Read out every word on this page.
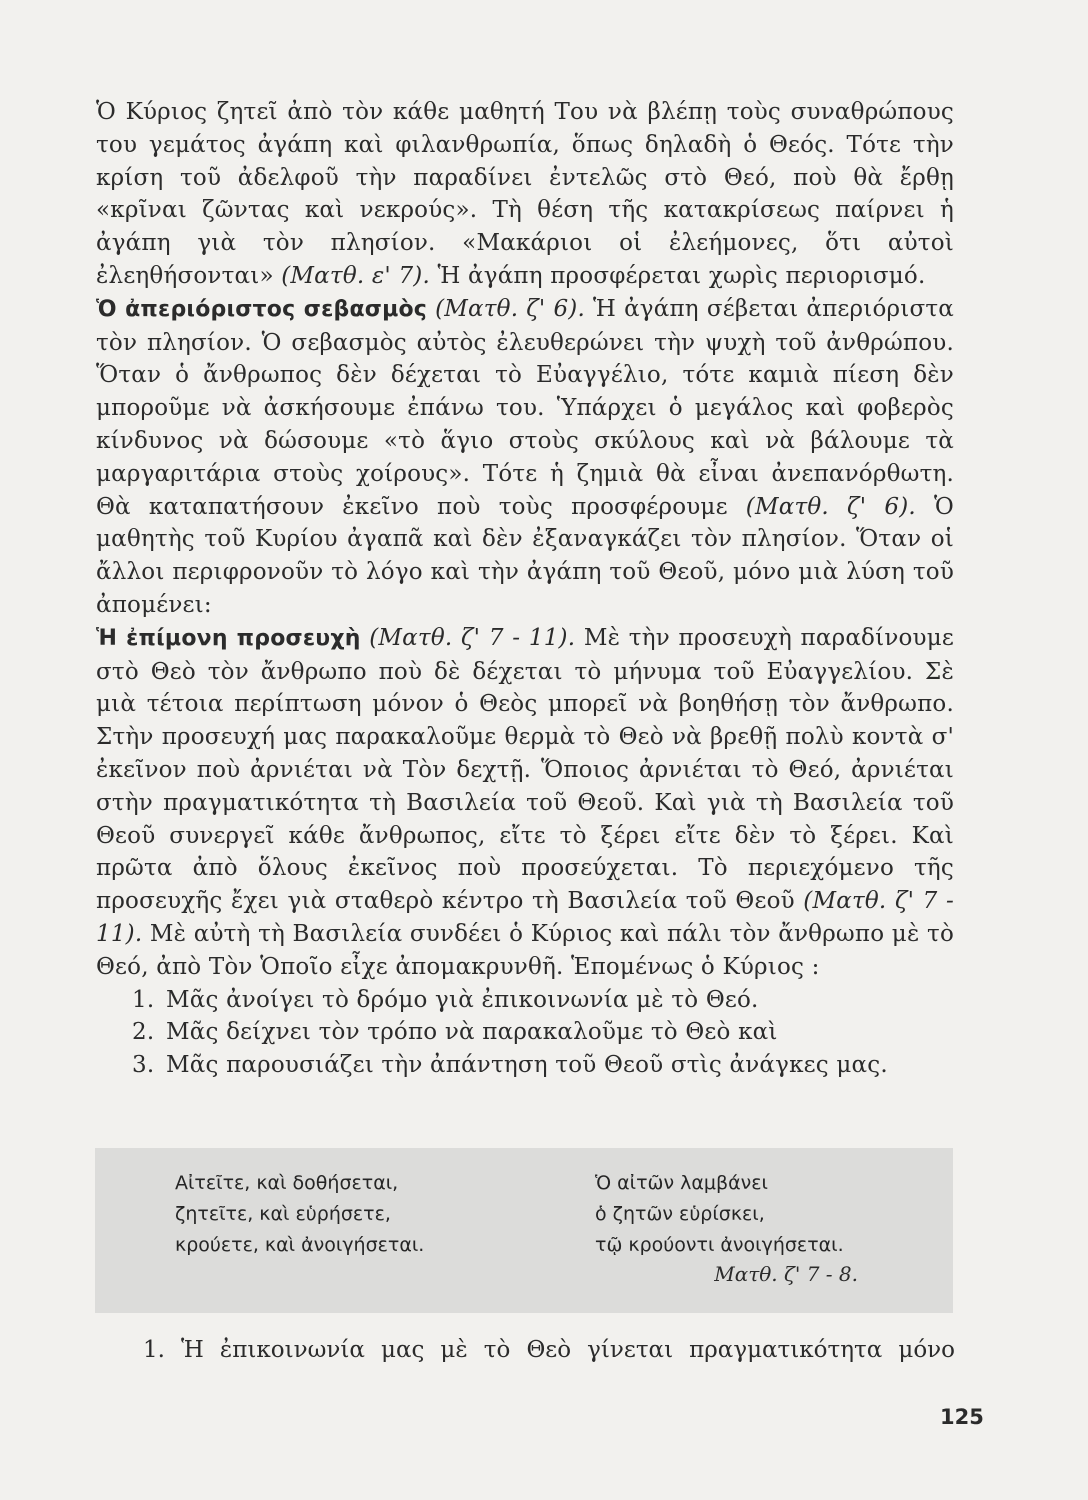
Ὁ Κύριος ζητεῖ ἀπὸ τὸν κάθε μαθητή Του νὰ βλέπῃ τοὺς συναθρώπους του γεμάτος ἀγάπη καὶ φιλανθρωπία, ὅπως δηλαδὴ ὁ Θεός. Τότε τὴν κρίση τοῦ ἀδελφοῦ τὴν παραδίνει ἐντελῶς στὸ Θεό, ποὺ θὰ ἔρθῃ «κρῖναι ζῶντας καὶ νεκρούς». Τὴ θέση τῆς κατακρίσεως παίρνει ἡ ἀγάπη γιὰ τὸν πλησίον. «Μακάριοι οἱ ἐλεήμονες, ὅτι αὐτοὶ ἐλεηθήσονται» (Ματθ. ε' 7). Ἡ ἀγάπη προσφέρεται χωρὶς περιορισμό.

Ὁ ἀπεριόριστος σεβασμὸς (Ματθ. ζ' 6). Ἡ ἀγάπη σέβεται ἀπεριόριστα τὸν πλησίον. Ὁ σεβασμὸς αὐτὸς ἐλευθερώνει τὴν ψυχὴ τοῦ ἀνθρώπου. Ὅταν ὁ ἄνθρωπος δὲν δέχεται τὸ Εὐαγγέλιο, τότε καμιὰ πίεση δὲν μποροῦμε νὰ ἀσκήσουμε ἐπάνω του. Ὑπάρχει ὁ μεγάλος καὶ φοβερὸς κίνδυνος νὰ δώσουμε «τὸ ἅγιο στοὺς σκύλους καὶ νὰ βάλουμε τὰ μαργαριτάρια στοὺς χοίρους». Τότε ἡ ζημιὰ θὰ εἶναι ἀνεπανόρθωτη. Θὰ καταπατήσουν ἐκεῖνο ποὺ τοὺς προσφέρουμε (Ματθ. ζ' 6). Ὁ μαθητὴς τοῦ Κυρίου ἀγαπᾶ καὶ δὲν ἐξαναγκάζει τὸν πλησίον. Ὅταν οἱ ἄλλοι περιφρονοῦν τὸ λόγο καὶ τὴν ἀγάπη τοῦ Θεοῦ, μόνο μιὰ λύση τοῦ ἀπομένει:

Ἡ ἐπίμονη προσευχὴ (Ματθ. ζ' 7 - 11). Μὲ τὴν προσευχὴ παραδίνουμε στὸ Θεὸ τὸν ἄνθρωπο ποὺ δὲ δέχεται τὸ μήνυμα τοῦ Εὐαγγελίου. Σὲ μιὰ τέτοια περίπτωση μόνον ὁ Θεὸς μπορεῖ νὰ βοηθήσῃ τὸν ἄνθρωπο. Στὴν προσευχή μας παρακαλοῦμε θερμὰ τὸ Θεὸ νὰ βρεθῇ πολὺ κοντὰ σ' ἐκεῖνον ποὺ ἀρνιέται νὰ Τὸν δεχτῇ. Ὅποιος ἀρνιέται τὸ Θεό, ἀρνιέται στὴν πραγματικότητα τὴ Βασιλεία τοῦ Θεοῦ. Καὶ γιὰ τὴ Βασιλεία τοῦ Θεοῦ συνεργεῖ κάθε ἄνθρωπος, εἴτε τὸ ξέρει εἴτε δὲν τὸ ξέρει. Καὶ πρῶτα ἀπὸ ὅλους ἐκεῖνος ποὺ προσεύχεται. Τὸ περιεχόμενο τῆς προσευχῆς ἔχει γιὰ σταθερὸ κέντρο τὴ Βασιλεία τοῦ Θεοῦ (Ματθ. ζ' 7 - 11). Μὲ αὐτὴ τὴ Βασιλεία συνδέει ὁ Κύριος καὶ πάλι τὸν ἄνθρωπο μὲ τὸ Θεό, ἀπὸ Τὸν Ὁποῖο εἶχε ἀπομακρυνθῆ. Ἑπομένως ὁ Κύριος :

1. Μᾶς ἀνοίγει τὸ δρόμο γιὰ ἐπικοινωνία μὲ τὸ Θεό.
2. Μᾶς δείχνει τὸν τρόπο νὰ παρακαλοῦμε τὸ Θεὸ καὶ
3. Μᾶς παρουσιάζει τὴν ἀπάντηση τοῦ Θεοῦ στὶς ἀνάγκες μας.
Αἰτεῖτε, καὶ δοθήσεται,
ζητεῖτε, καὶ εὑρήσετε,
κρούετε, καὶ ἀνοιγήσεται.
Ὁ αἰτῶν λαμβάνει
ὁ ζητῶν εὑρίσκει,
τῷ κρούοντι ἀνοιγήσεται.
Ματθ. ζ' 7 - 8.
1. Ἡ ἐπικοινωνία μας μὲ τὸ Θεὸ γίνεται πραγματικότητα μόνο
125
